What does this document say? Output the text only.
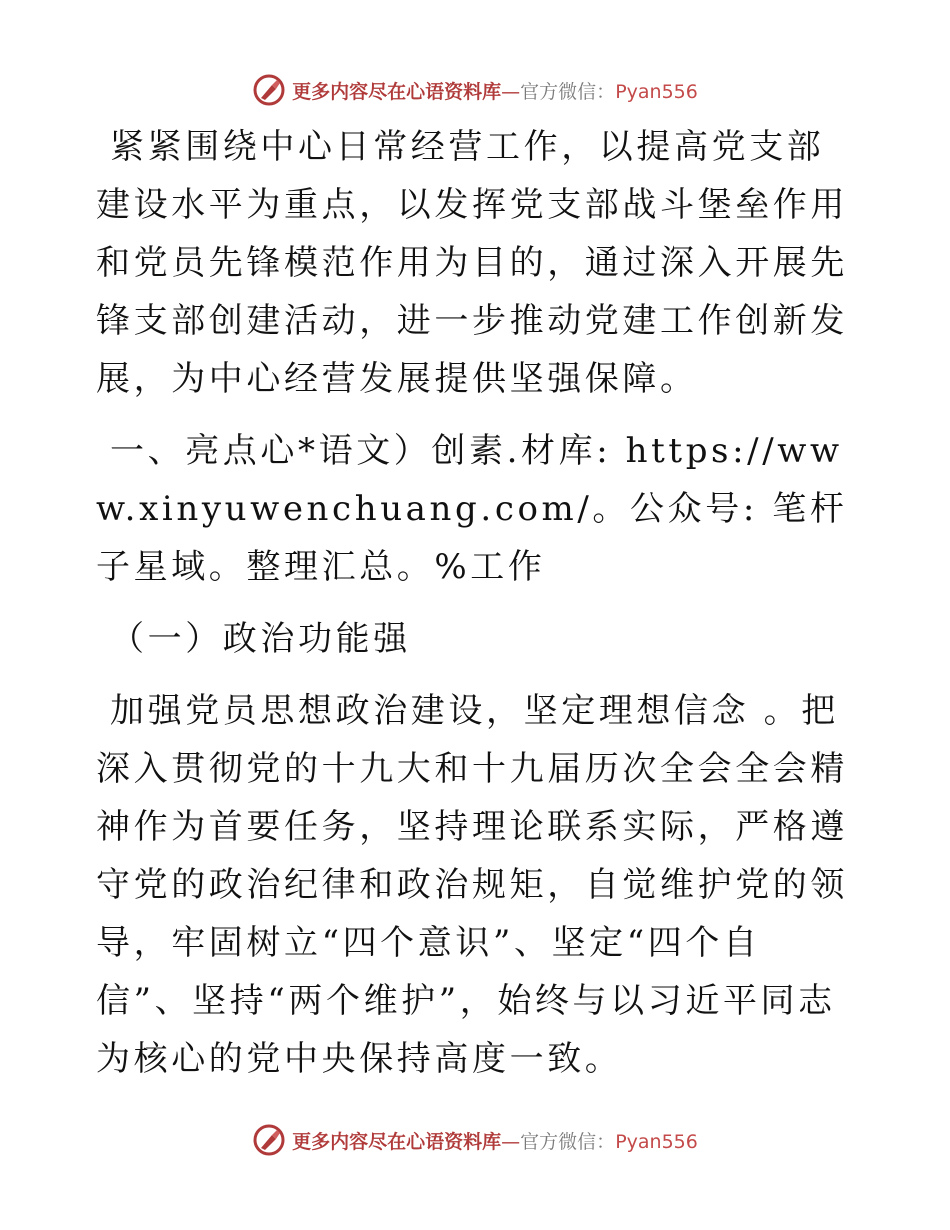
更多内容尽在心语资料库—官方微信：Pyan556

紧紧围绕中心日常经营工作，以提高党支部建设水平为重点，以发挥党支部战斗堡垒作用和党员先锋模范作用为目的，通过深入开展先锋支部创建活动，进一步推动党建工作创新发展，为中心经营发展提供坚强保障。

一、亮点心*语文）创素.材库: https://www.xinyuwenchuang.com/。公众号: 笔杆子星域。整理汇总。%工作

（一）政治功能强

加强党员思想政治建设，坚定理想信念 。把深入贯彻党的十九大和十九届历次全会全会精神作为首要任务，坚持理论联系实际，严格遵守党的政治纪律和政治规矩，自觉维护党的领导，牢固树立“四个意识”、坚定“四个自信”、坚持“两个维护”，始终与以习近平同志为核心的党中央保持高度一致。

更多内容尽在心语资料库—官方微信：Pyan556
